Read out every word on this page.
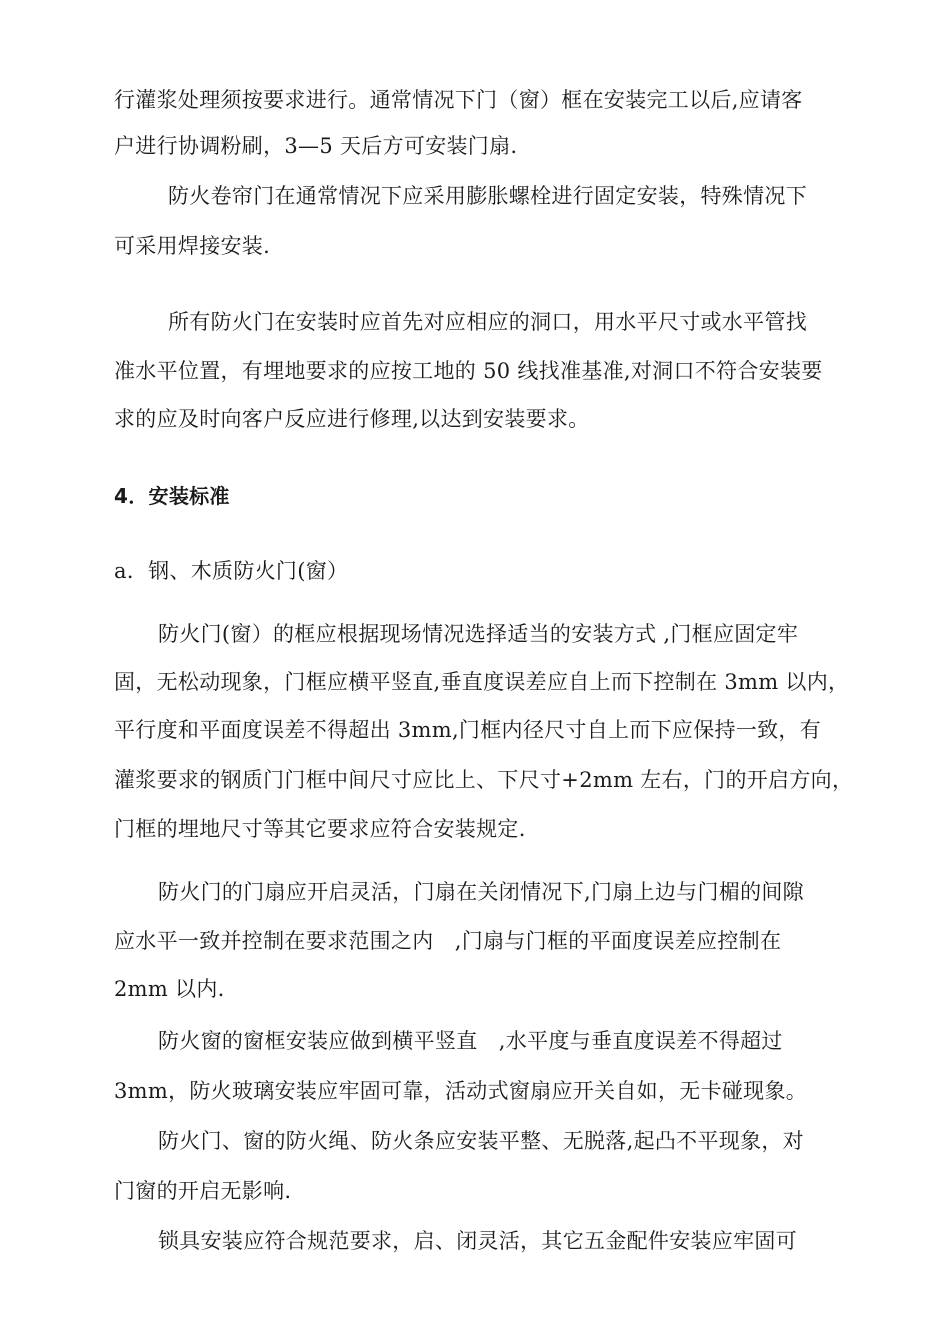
行灌浆处理须按要求进行。通常情况下门（窗）框在安装完工以后,应请客
户进行协调粉刷，3—5 天后方可安装门扇.
防火卷帘门在通常情况下应采用膨胀螺栓进行固定安装，特殊情况下
可采用焊接安装.
所有防火门在安装时应首先对应相应的洞口，用水平尺寸或水平管找
准水平位置，有埋地要求的应按工地的 50 线找准基准,对洞口不符合安装要
求的应及时向客户反应进行修理,以达到安装要求。
4．安装标准
a．钢、木质防火门(窗）
防火门(窗）的框应根据现场情况选择适当的安装方式 ,门框应固定牢
固，无松动现象，门框应横平竖直,垂直度误差应自上而下控制在 3mm 以内，
平行度和平面度误差不得超出 3mm,门框内径尺寸自上而下应保持一致，有
灌浆要求的钢质门门框中间尺寸应比上、下尺寸+2mm 左右，门的开启方向，
门框的埋地尺寸等其它要求应符合安装规定.
防火门的门扇应开启灵活，门扇在关闭情况下,门扇上边与门楣的间隙
应水平一致并控制在要求范围之内　,门扇与门框的平面度误差应控制在
2mm 以内.
防火窗的窗框安装应做到横平竖直　,水平度与垂直度误差不得超过
3mm，防火玻璃安装应牢固可靠，活动式窗扇应开关自如，无卡碰现象。
防火门、窗的防火绳、防火条应安装平整、无脱落,起凸不平现象，对
门窗的开启无影响.
锁具安装应符合规范要求，启、闭灵活，其它五金配件安装应牢固可
